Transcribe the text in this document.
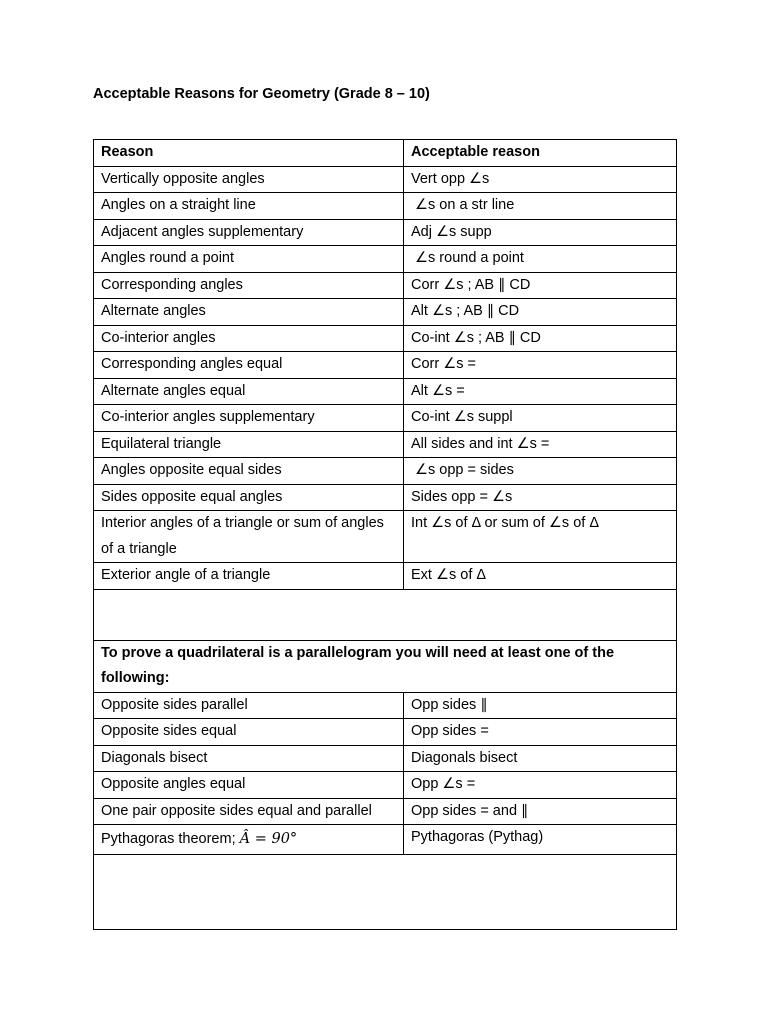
Acceptable Reasons for Geometry (Grade 8 – 10)
Reason	Acceptable reason
Vertically opposite angles	Vert opp ∠s
Angles on a straight line	∠s on a str line
Adjacent angles supplementary	Adj ∠s supp
Angles round a point	∠s round a point
Corresponding angles	Corr ∠s ; AB ∥ CD
Alternate angles	Alt ∠s ; AB ∥ CD
Co-interior angles	Co-int ∠s ; AB ∥ CD
Corresponding angles equal	Corr ∠s =
Alternate angles equal	Alt ∠s =
Co-interior angles supplementary	Co-int ∠s suppl
Equilateral triangle	All sides and int ∠s =
Angles opposite equal sides	∠s opp = sides
Sides opposite equal angles	Sides opp = ∠s
Interior angles of a triangle or sum of angles of a triangle	Int ∠s of Δ or sum of ∠s of Δ
Exterior angle of a triangle	Ext ∠s of Δ

To prove a quadrilateral is a parallelogram you will need at least one of the following:	
Opposite sides parallel	Opp sides ∥
Opposite sides equal	Opp sides =
Diagonals bisect	Diagonals bisect
Opposite angles equal	Opp ∠s =
One pair opposite sides equal and parallel	Opp sides = and ∥
Pythagoras theorem; Â = 90°	Pythagoras (Pythag)
